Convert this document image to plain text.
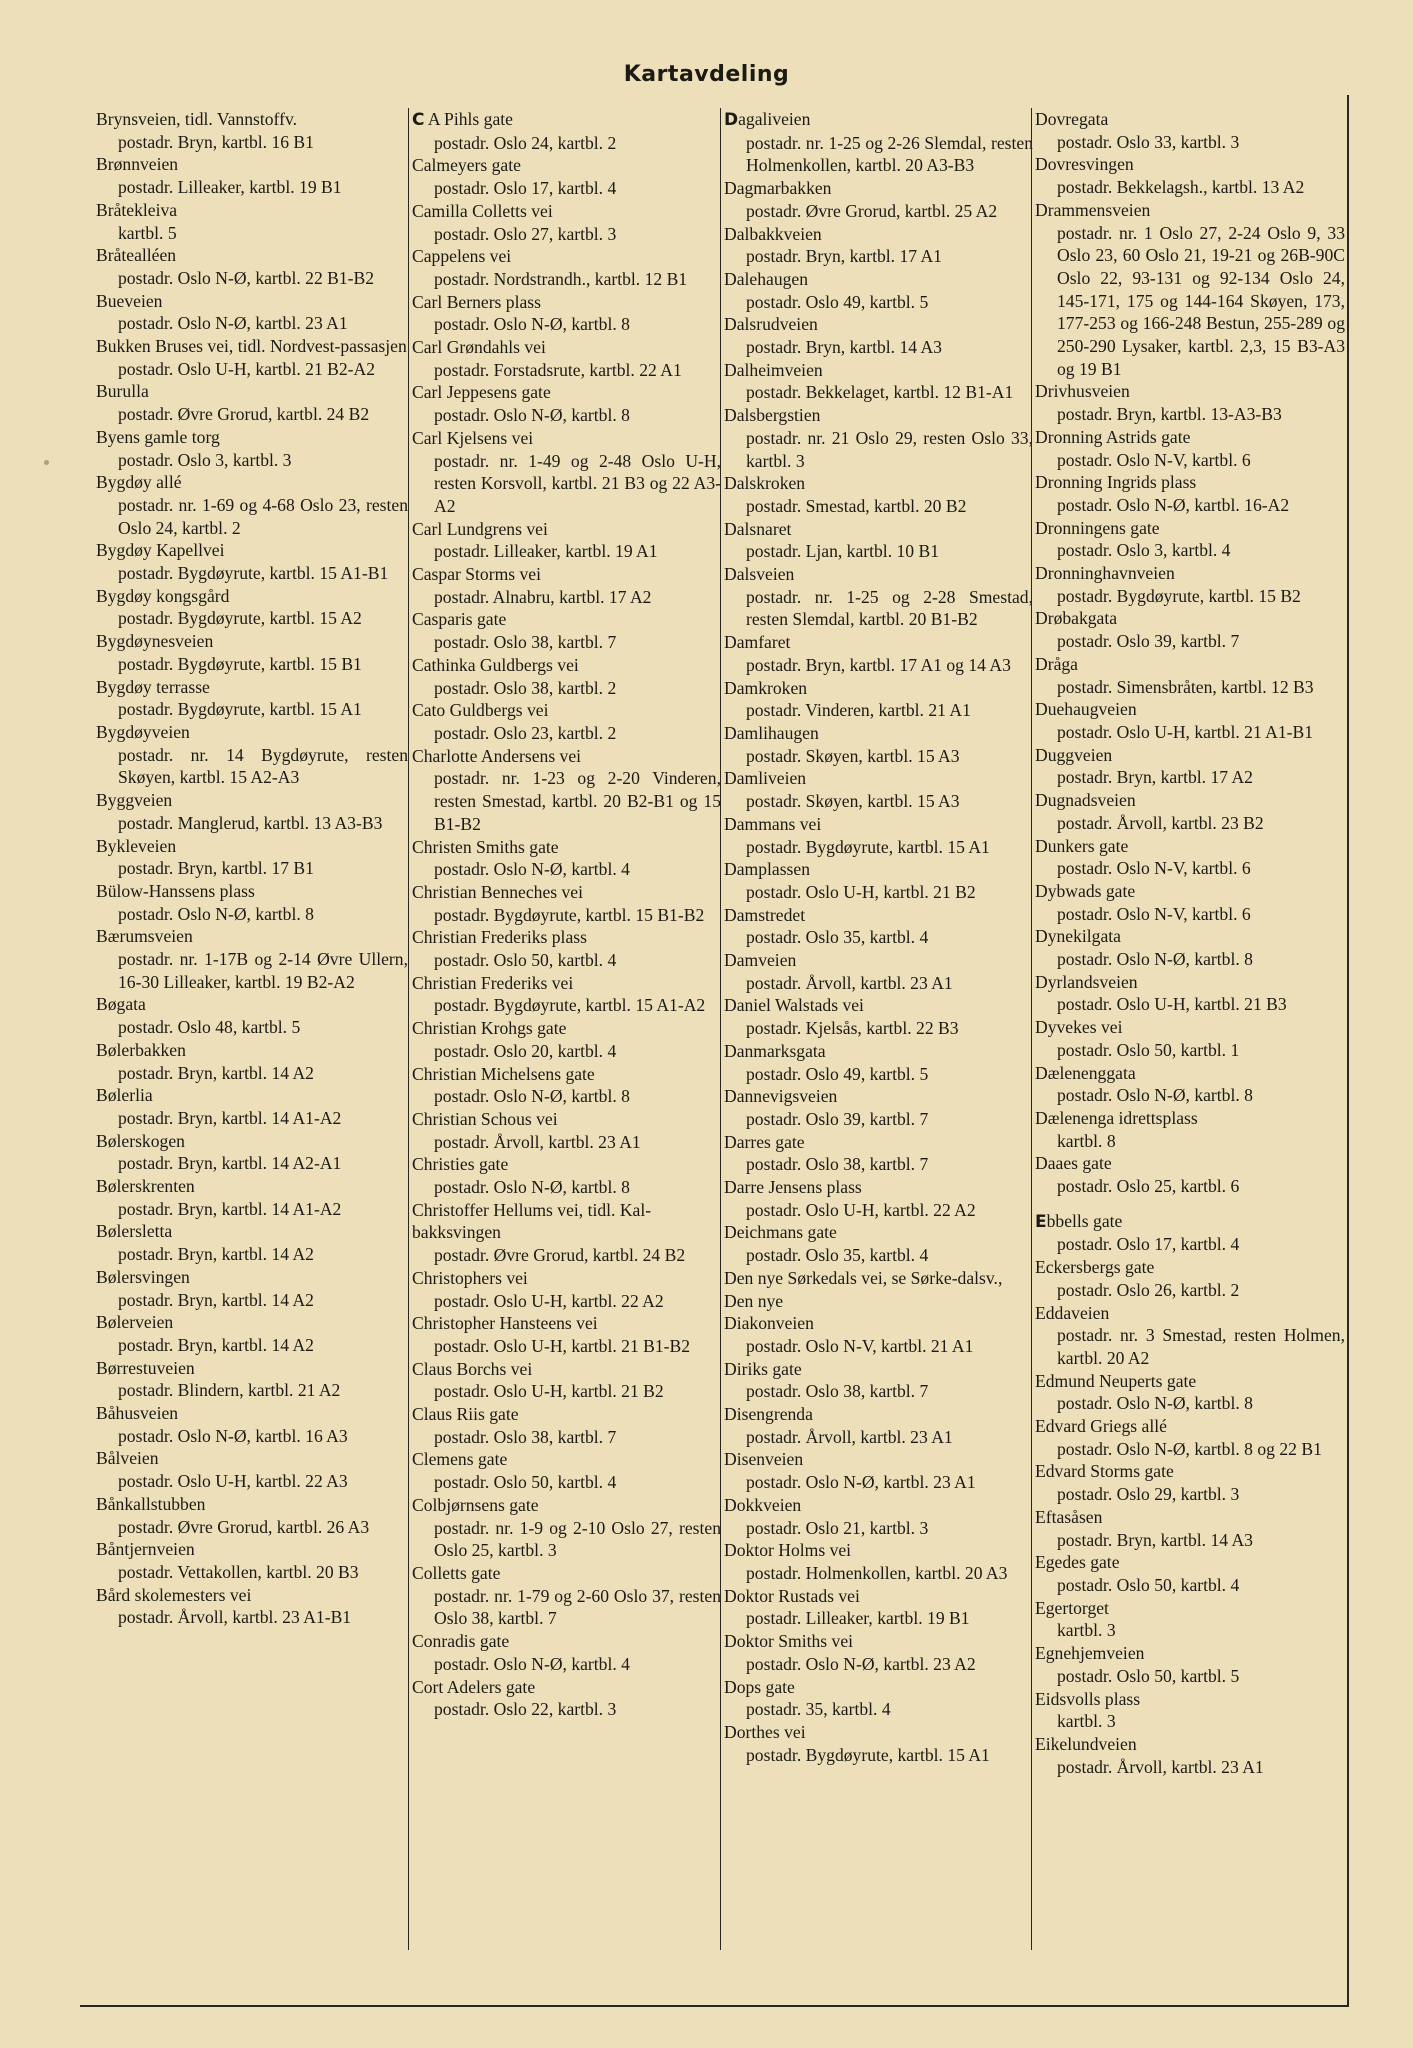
Kartavdeling
Brynsveien, tidl. Vannstoffv.
postadr. Bryn, kartbl. 16 B1
Brønnveien
postadr. Lilleaker, kartbl. 19 B1
Bråtekleiva
kartbl. 5
Bråtealléen
postadr. Oslo N-Ø, kartbl. 22 B1-B2
Bueveien
postadr. Oslo N-Ø, kartbl. 23 A1
Bukken Bruses vei, tidl. Nordvest-passasjen
postadr. Oslo U-H, kartbl. 21 B2-A2
Burulla
postadr. Øvre Grorud, kartbl. 24 B2
Byens gamle torg
postadr. Oslo 3, kartbl. 3
Bygdøy allé
postadr. nr. 1-69 og 4-68 Oslo 23, resten Oslo 24, kartbl. 2
Bygdøy Kapellvei
postadr. Bygdøyrute, kartbl. 15 A1-B1
Bygdøy kongsgård
postadr. Bygdøyrute, kartbl. 15 A2
Bygdøynesveien
postadr. Bygdøyrute, kartbl. 15 B1
Bygdøy terrasse
postadr. Bygdøyrute, kartbl. 15 A1
Bygdøyveien
postadr. nr. 14 Bygdøyrute, resten Skøyen, kartbl. 15 A2-A3
Byggveien
postadr. Manglerud, kartbl. 13 A3-B3
Bykleveien
postadr. Bryn, kartbl. 17 B1
Bülow-Hanssens plass
postadr. Oslo N-Ø, kartbl. 8
Bærumsveien
postadr. nr. 1-17B og 2-14 Øvre Ullern, 16-30 Lilleaker, kartbl. 19 B2-A2
Bøgata
postadr. Oslo 48, kartbl. 5
Bølerbakken
postadr. Bryn, kartbl. 14 A2
Bølerlia
postadr. Bryn, kartbl. 14 A1-A2
Bølerskogen
postadr. Bryn, kartbl. 14 A2-A1
Bølerskrenten
postadr. Bryn, kartbl. 14 A1-A2
Bølersletta
postadr. Bryn, kartbl. 14 A2
Bølersvingen
postadr. Bryn, kartbl. 14 A2
Bølerveien
postadr. Bryn, kartbl. 14 A2
Børrestuveien
postadr. Blindern, kartbl. 21 A2
Båhusveien
postadr. Oslo N-Ø, kartbl. 16 A3
Bålveien
postadr. Oslo U-H, kartbl. 22 A3
Bånkallstubben
postadr. Øvre Grorud, kartbl. 26 A3
Båntjernveien
postadr. Vettakollen, kartbl. 20 B3
Bård skolemesters vei
postadr. Årvoll, kartbl. 23 A1-B1
C A Pihls gate
postadr. Oslo 24, kartbl. 2
Calmeyers gate
postadr. Oslo 17, kartbl. 4
Camilla Colletts vei
postadr. Oslo 27, kartbl. 3
Cappelens vei
postadr. Nordstrandh., kartbl. 12 B1
Carl Berners plass
postadr. Oslo N-Ø, kartbl. 8
Carl Grøndahls vei
postadr. Forstadsrute, kartbl. 22 A1
Carl Jeppesens gate
postadr. Oslo N-Ø, kartbl. 8
Carl Kjelsens vei
postadr. nr. 1-49 og 2-48 Oslo U-H, resten Korsvoll, kartbl. 21 B3 og 22 A3-A2
Carl Lundgrens vei
postadr. Lilleaker, kartbl. 19 A1
Caspar Storms vei
postadr. Alnabru, kartbl. 17 A2
Casparis gate
postadr. Oslo 38, kartbl. 7
Cathinka Guldbergs vei
postadr. Oslo 38, kartbl. 2
Cato Guldbergs vei
postadr. Oslo 23, kartbl. 2
Charlotte Andersens vei
postadr. nr. 1-23 og 2-20 Vinderen, resten Smestad, kartbl. 20 B2-B1 og 15 B1-B2
Christen Smiths gate
postadr. Oslo N-Ø, kartbl. 4
Christian Benneches vei
postadr. Bygdøyrute, kartbl. 15 B1-B2
Christian Frederiks plass
postadr. Oslo 50, kartbl. 4
Christian Frederiks vei
postadr. Bygdøyrute, kartbl. 15 A1-A2
Christian Krohgs gate
postadr. Oslo 20, kartbl. 4
Christian Michelsens gate
postadr. Oslo N-Ø, kartbl. 8
Christian Schous vei
postadr. Årvoll, kartbl. 23 A1
Christies gate
postadr. Oslo N-Ø, kartbl. 8
Christoffer Hellums vei, tidl. Kal-bakksvingen
postadr. Øvre Grorud, kartbl. 24 B2
Christophers vei
postadr. Oslo U-H, kartbl. 22 A2
Christopher Hansteens vei
postadr. Oslo U-H, kartbl. 21 B1-B2
Claus Borchs vei
postadr. Oslo U-H, kartbl. 21 B2
Claus Riis gate
postadr. Oslo 38, kartbl. 7
Clemens gate
postadr. Oslo 50, kartbl. 4
Colbjørnsens gate
postadr. nr. 1-9 og 2-10 Oslo 27, resten Oslo 25, kartbl. 3
Colletts gate
postadr. nr. 1-79 og 2-60 Oslo 37, resten Oslo 38, kartbl. 7
Conradis gate
postadr. Oslo N-Ø, kartbl. 4
Cort Adelers gate
postadr. Oslo 22, kartbl. 3
Dagaliveien
postadr. nr. 1-25 og 2-26 Slemdal, resten Holmenkollen, kartbl. 20 A3-B3
Dagmarbakken
postadr. Øvre Grorud, kartbl. 25 A2
Dalbakkveien
postadr. Bryn, kartbl. 17 A1
Dalehaugen
postadr. Oslo 49, kartbl. 5
Dalsrudveien
postadr. Bryn, kartbl. 14 A3
Dalheimveien
postadr. Bekkelaget, kartbl. 12 B1-A1
Dalsbergstien
postadr. nr. 21 Oslo 29, resten Oslo 33, kartbl. 3
Dalskroken
postadr. Smestad, kartbl. 20 B2
Dalsnaret
postadr. Ljan, kartbl. 10 B1
Dalsveien
postadr. nr. 1-25 og 2-28 Smestad, resten Slemdal, kartbl. 20 B1-B2
Damfaret
postadr. Bryn, kartbl. 17 A1 og 14 A3
Damkroken
postadr. Vinderen, kartbl. 21 A1
Damlihaugen
postadr. Skøyen, kartbl. 15 A3
Damliveien
postadr. Skøyen, kartbl. 15 A3
Dammans vei
postadr. Bygdøyrute, kartbl. 15 A1
Damplassen
postadr. Oslo U-H, kartbl. 21 B2
Damstredet
postadr. Oslo 35, kartbl. 4
Damveien
postadr. Årvoll, kartbl. 23 A1
Daniel Walstads vei
postadr. Kjelsås, kartbl. 22 B3
Danmarksgata
postadr. Oslo 49, kartbl. 5
Dannevigsveien
postadr. Oslo 39, kartbl. 7
Darres gate
postadr. Oslo 38, kartbl. 7
Darre Jensens plass
postadr. Oslo U-H, kartbl. 22 A2
Deichmans gate
postadr. Oslo 35, kartbl. 4
Den nye Sørkedals vei, se Sørke-dalsv., Den nye
Diakonveien
postadr. Oslo N-V, kartbl. 21 A1
Diriks gate
postadr. Oslo 38, kartbl. 7
Disengrenda
postadr. Årvoll, kartbl. 23 A1
Disenveien
postadr. Oslo N-Ø, kartbl. 23 A1
Dokkveien
postadr. Oslo 21, kartbl. 3
Doktor Holms vei
postadr. Holmenkollen, kartbl. 20 A3
Doktor Rustads vei
postadr. Lilleaker, kartbl. 19 B1
Doktor Smiths vei
postadr. Oslo N-Ø, kartbl. 23 A2
Dops gate
postadr. 35, kartbl. 4
Dorthes vei
postadr. Bygdøyrute, kartbl. 15 A1
Dovregata
postadr. Oslo 33, kartbl. 3
Dovresvingen
postadr. Bekkelagsh., kartbl. 13 A2
Drammensveien
postadr. nr. 1 Oslo 27, 2-24 Oslo 9, 33 Oslo 23, 60 Oslo 21, 19-21 og 26B-90C Oslo 22, 93-131 og 92-134 Oslo 24, 145-171, 175 og 144-164 Skøyen, 173, 177-253 og 166-248 Bestun, 255-289 og 250-290 Lysaker, kartbl. 2,3, 15 B3-A3 og 19 B1
Drivhusveien
postadr. Bryn, kartbl. 13-A3-B3
Dronning Astrids gate
postadr. Oslo N-V, kartbl. 6
Dronning Ingrids plass
postadr. Oslo N-Ø, kartbl. 16-A2
Dronningens gate
postadr. Oslo 3, kartbl. 4
Dronninghavnveien
postadr. Bygdøyrute, kartbl. 15 B2
Drøbakgata
postadr. Oslo 39, kartbl. 7
Dråga
postadr. Simensbråten, kartbl. 12 B3
Duehaugveien
postadr. Oslo U-H, kartbl. 21 A1-B1
Duggveien
postadr. Bryn, kartbl. 17 A2
Dugnadsveien
postadr. Årvoll, kartbl. 23 B2
Dunkers gate
postadr. Oslo N-V, kartbl. 6
Dybwads gate
postadr. Oslo N-V, kartbl. 6
Dynekilgata
postadr. Oslo N-Ø, kartbl. 8
Dyrlandsveien
postadr. Oslo U-H, kartbl. 21 B3
Dyvekes vei
postadr. Oslo 50, kartbl. 1
Dælenenggata
postadr. Oslo N-Ø, kartbl. 8
Dælenenga idrettsplass
kartbl. 8
Daaes gate
postadr. Oslo 25, kartbl. 6
Ebbells gate
postadr. Oslo 17, kartbl. 4
Eckersbergs gate
postadr. Oslo 26, kartbl. 2
Eddaveien
postadr. nr. 3 Smestad, resten Holmen, kartbl. 20 A2
Edmund Neuperts gate
postadr. Oslo N-Ø, kartbl. 8
Edvard Griegs allé
postadr. Oslo N-Ø, kartbl. 8 og 22 B1
Edvard Storms gate
postadr. Oslo 29, kartbl. 3
Eftasåsen
postadr. Bryn, kartbl. 14 A3
Egedes gate
postadr. Oslo 50, kartbl. 4
Egertorget
kartbl. 3
Egnehjemveien
postadr. Oslo 50, kartbl. 5
Eidsvolls plass
kartbl. 3
Eikelundveien
postadr. Årvoll, kartbl. 23 A1
